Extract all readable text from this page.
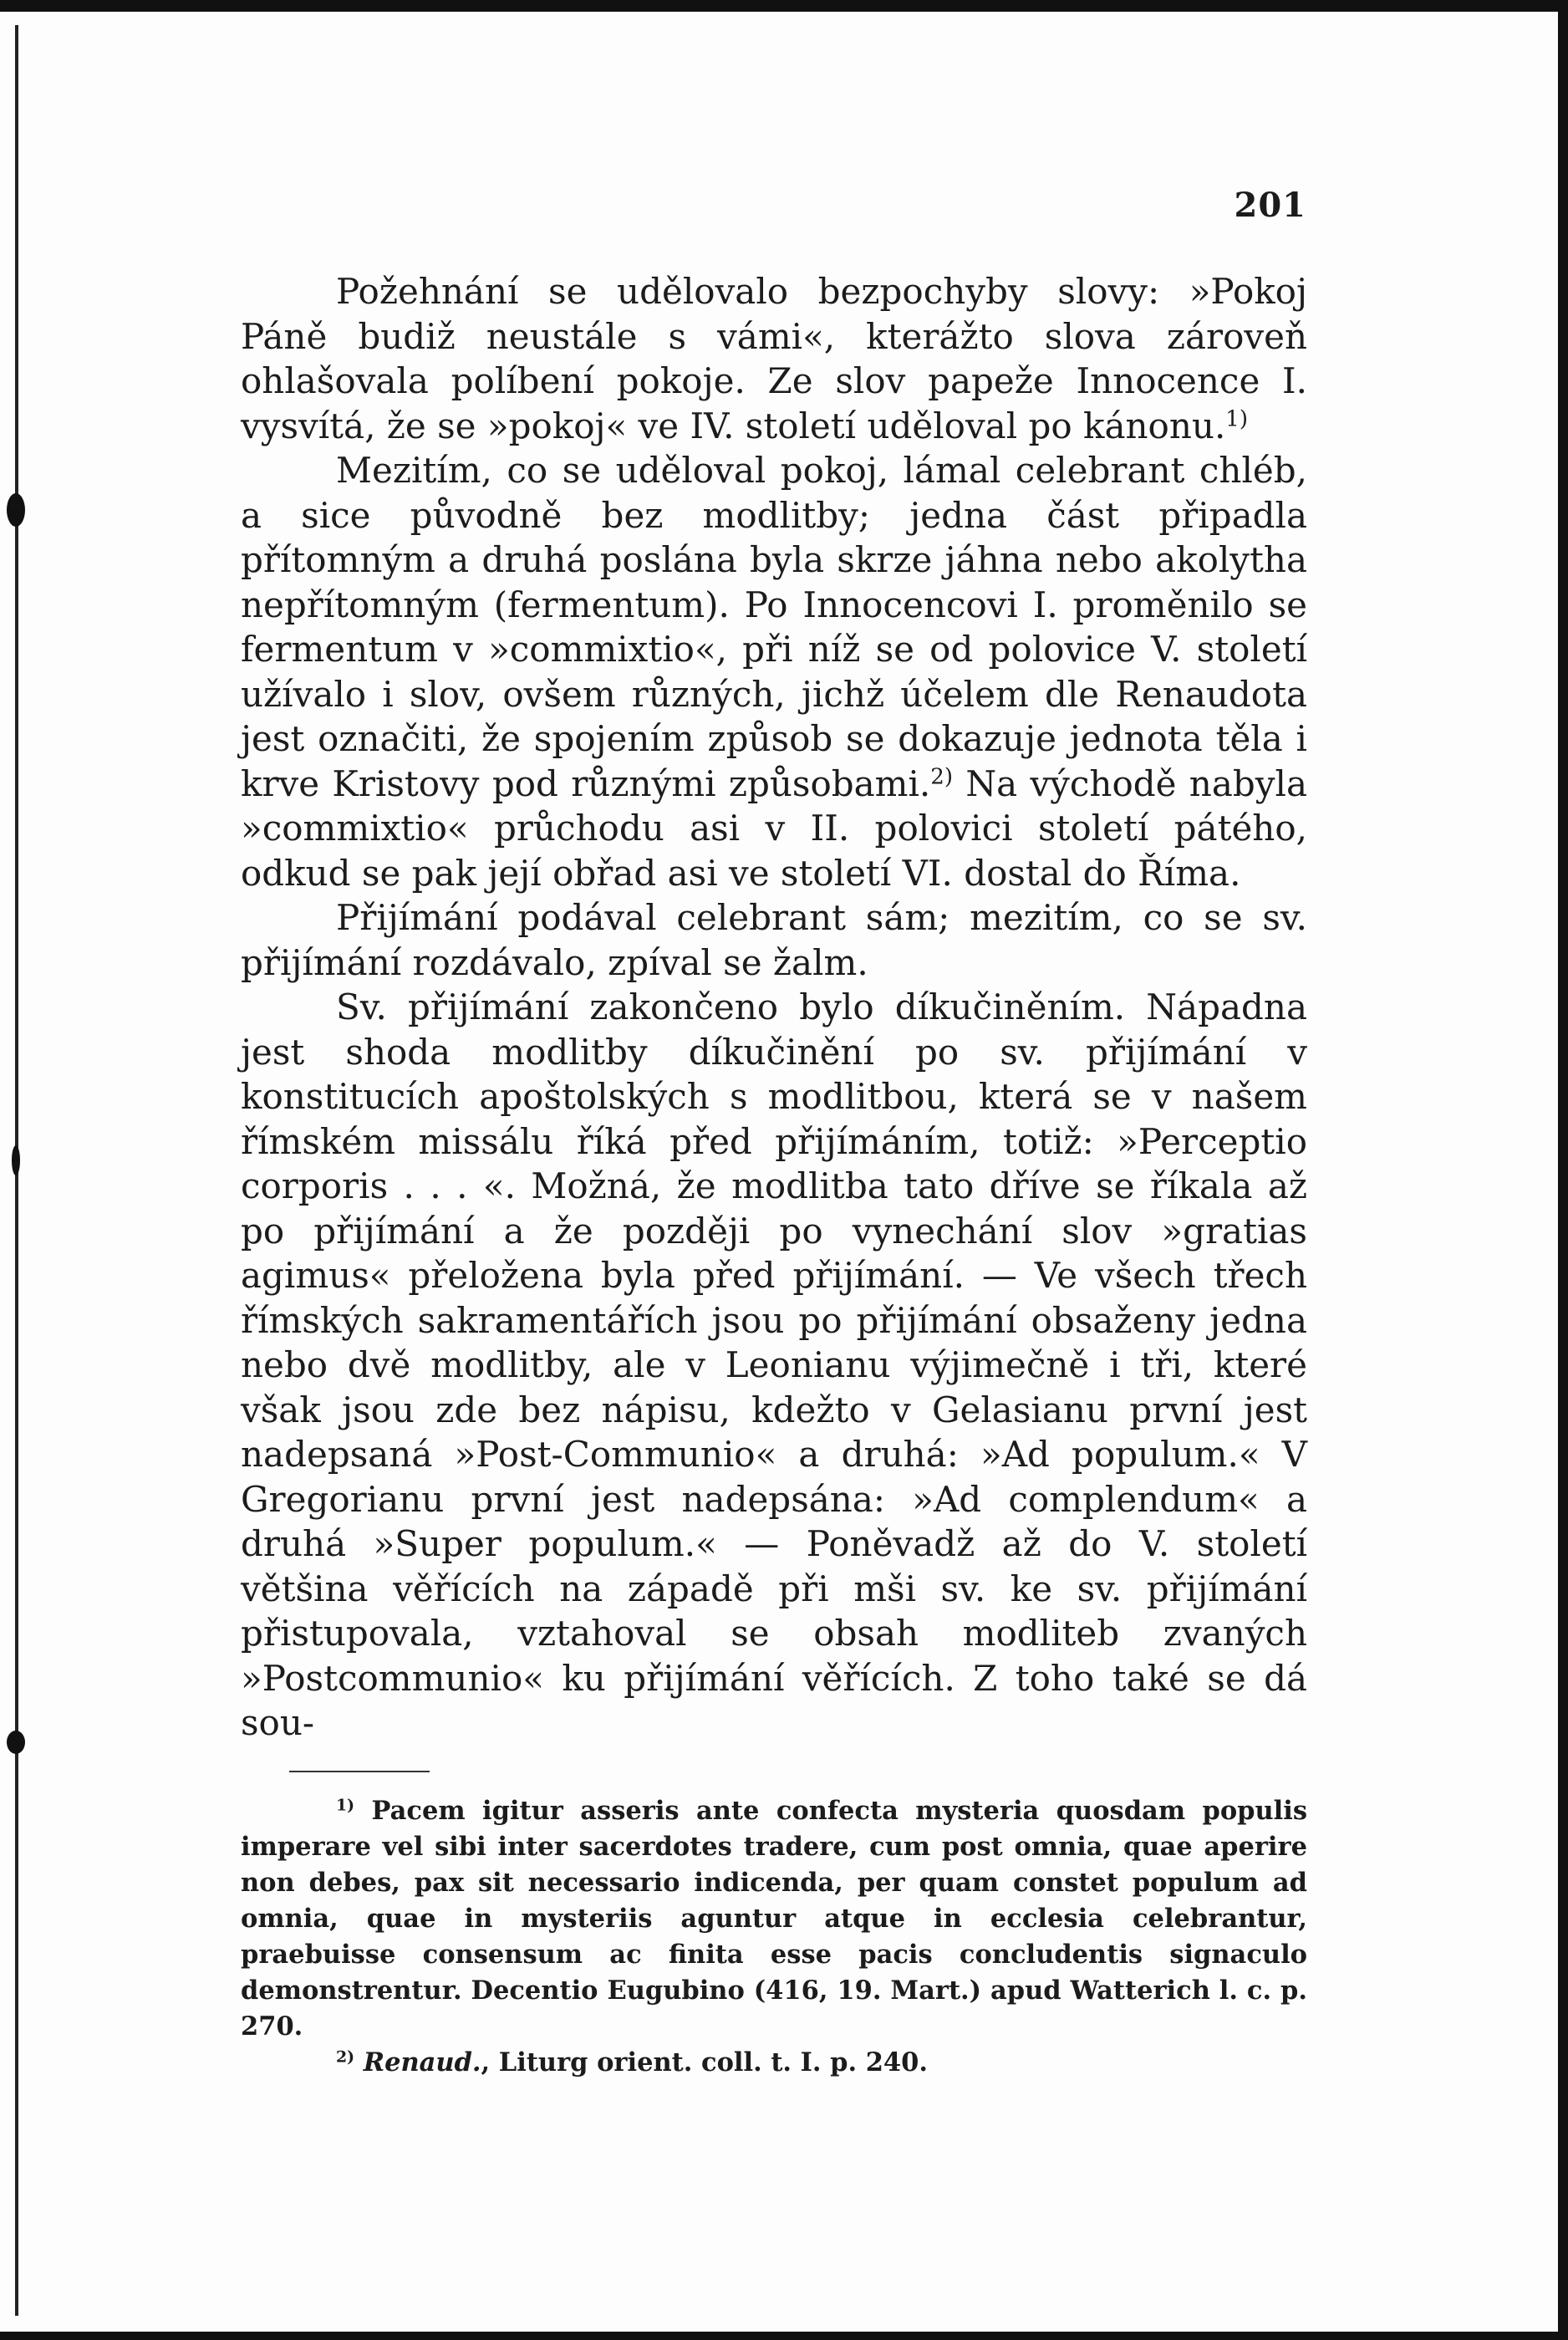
201

Požehnání se udělovalo bezpochyby slovy: »Pokoj Páně budiž neustále s vámi«, kterážto slova zároveň ohlašovala políbení pokoje. Ze slov papeže Innocence I. vysvítá, že se »pokoj« ve IV. století uděloval po kánonu.$^{1)}$

Mezitím, co se uděloval pokoj, lámal celebrant chléb, a sice původně bez modlitby; jedna část připadla přítomným a druhá poslána byla skrze jáhna nebo akolytha nepřítomným (fermentum). Po Innocencovi I. proměnilo se fermentum v »commixtio«, při níž se od polovice V. století užívalo i slov, ovšem různých, jichž účelem dle Renaudota jest označiti, že spojením způsob se dokazuje jednota těla i krve Kristovy pod různými způsobami.$^{2)}$ Na východě nabyla »commixtio« průchodu asi v II. polovici století pátého, odkud se pak její obřad asi ve století VI. dostal do Říma.

Přijímání podával celebrant sám; mezitím, co se sv. přijímání rozdávalo, zpíval se žalm.

Sv. přijímání zakončeno bylo díkučiněním. Nápadna jest shoda modlitby díkučinění po sv. přijímání v konstitucích apoštolských s modlitbou, která se v našem římském missálu říká před přijímáním, totiž: »Perceptio corporis . . . «. Možná, že modlitba tato dříve se říkala až po přijímání a že později po vynechání slov »gratias agimus« přeložena byla před přijímání. — Ve všech třech římských sakramentářích jsou po přijímání obsaženy jedna nebo dvě modlitby, ale v Leonianu výjimečně i tři, které však jsou zde bez nápisu, kdežto v Gelasianu první jest nadepsaná »Post-Communio« a druhá: »Ad populum.« V Gregorianu první jest nadepsána: »Ad complendum« a druhá »Super populum.« — Poněvadž až do V. století většina věřících na západě při mši sv. ke sv. přijímání přistupovala, vztahoval se obsah modliteb zvaných »Postcommunio« ku přijímání věřících. Z toho také se dá sou-

$^{1)}$ Pacem igitur asseris ante confecta mysteria quosdam populis imperare vel sibi inter sacerdotes tradere, cum post omnia, quae aperire non debes, pax sit necessario indicenda, per quam constet populum ad omnia, quae in mysteriis aguntur atque in ecclesia celebrantur, praebuisse consensum ac finita esse pacis concludentis signaculo demonstrentur. Decentio Eugubino (416, 19. Mart.) apud Watterich l. c. p. 270.

$^{2)}$ Renaud., Liturg orient. coll. t. I. p. 240.
